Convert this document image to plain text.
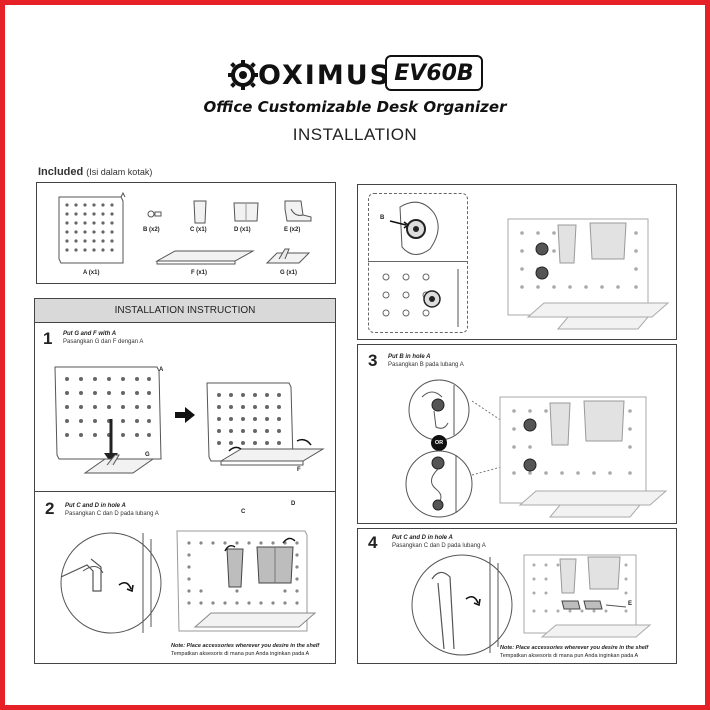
OXIMUS EV60B
Office Customizable Desk Organizer
INSTALLATION
Included (Isi dalam kotak)
A (x1)
B (x2)	C (x1)	D (x1)	E (x2)
F (x1)	G (x1)
INSTALLATION INSTRUCTION
1 Put G and F with A
Pasangkan G dan F dengan A
A
G
F
2 Put C and D in hole A
Pasangkan C dan D pada lubang A	C
D
Note: Place accessories wherever you desire in the shelf
Tempatkan aksesoris di mana pun Anda inginkan pada A
B
3 Put B in hole A
Pasangkan B pada lubang A
OR
4 Put C and D in hole A
Pasangkan C dan D pada lubang A
E
Note: Place accessories wherever you desire in the shelf
Tempatkan aksesoris di mana pun Anda inginkan pada A
